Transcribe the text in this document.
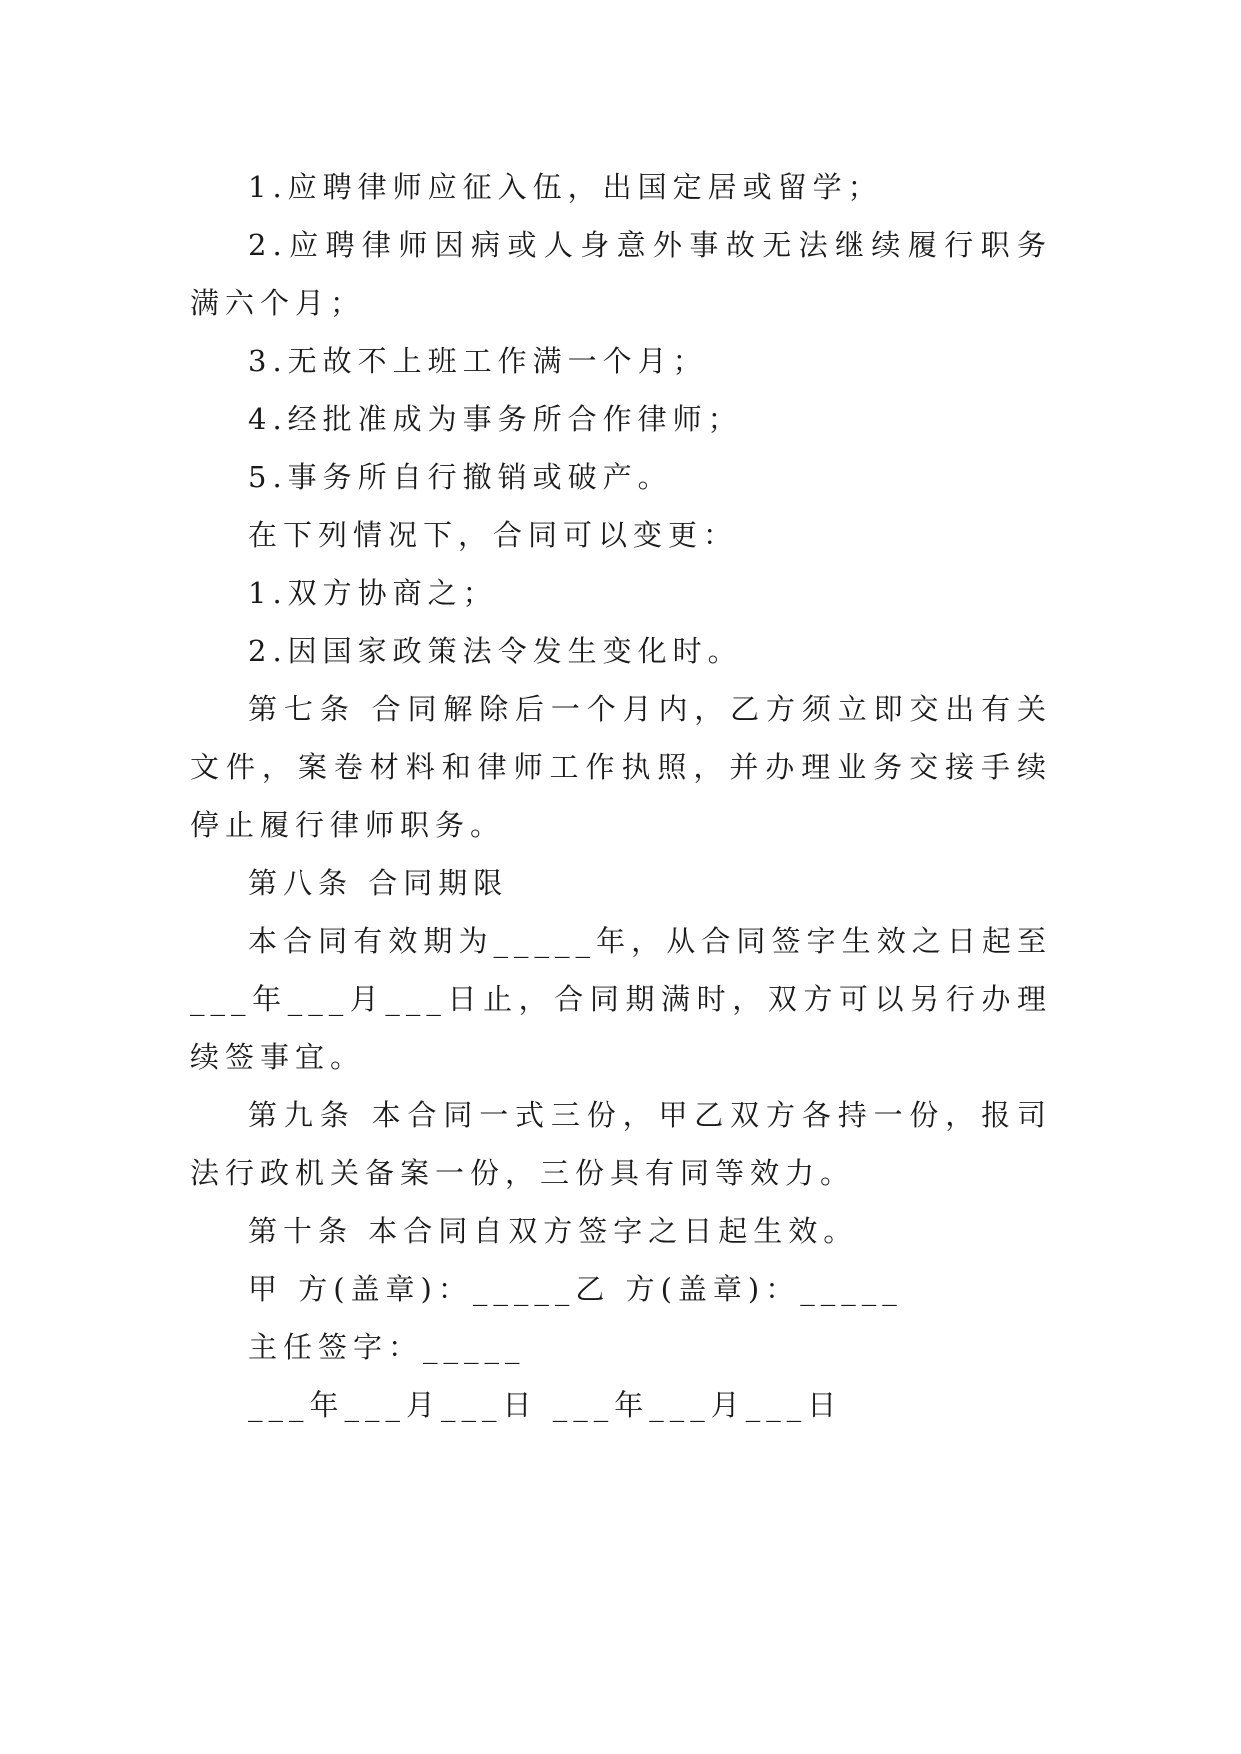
1.应聘律师应征入伍，出国定居或留学；

2.应聘律师因病或人身意外事故无法继续履行职务满六个月；

3.无故不上班工作满一个月；

4.经批准成为事务所合作律师；

5.事务所自行撤销或破产。

在下列情况下，合同可以变更：

1.双方协商之；

2.因国家政策法令发生变化时。

第七条 合同解除后一个月内，乙方须立即交出有关文件，案卷材料和律师工作执照，并办理业务交接手续停止履行律师职务。

第八条 合同期限

本合同有效期为_____年，从合同签字生效之日起至___年___月___日止，合同期满时，双方可以另行办理续签事宜。

第九条 本合同一式三份，甲乙双方各持一份，报司法行政机关备案一份，三份具有同等效力。

第十条 本合同自双方签字之日起生效。

甲 方(盖章)：_____乙 方(盖章)：_____

主任签字：_____

___年___月___日 ___年___月___日
